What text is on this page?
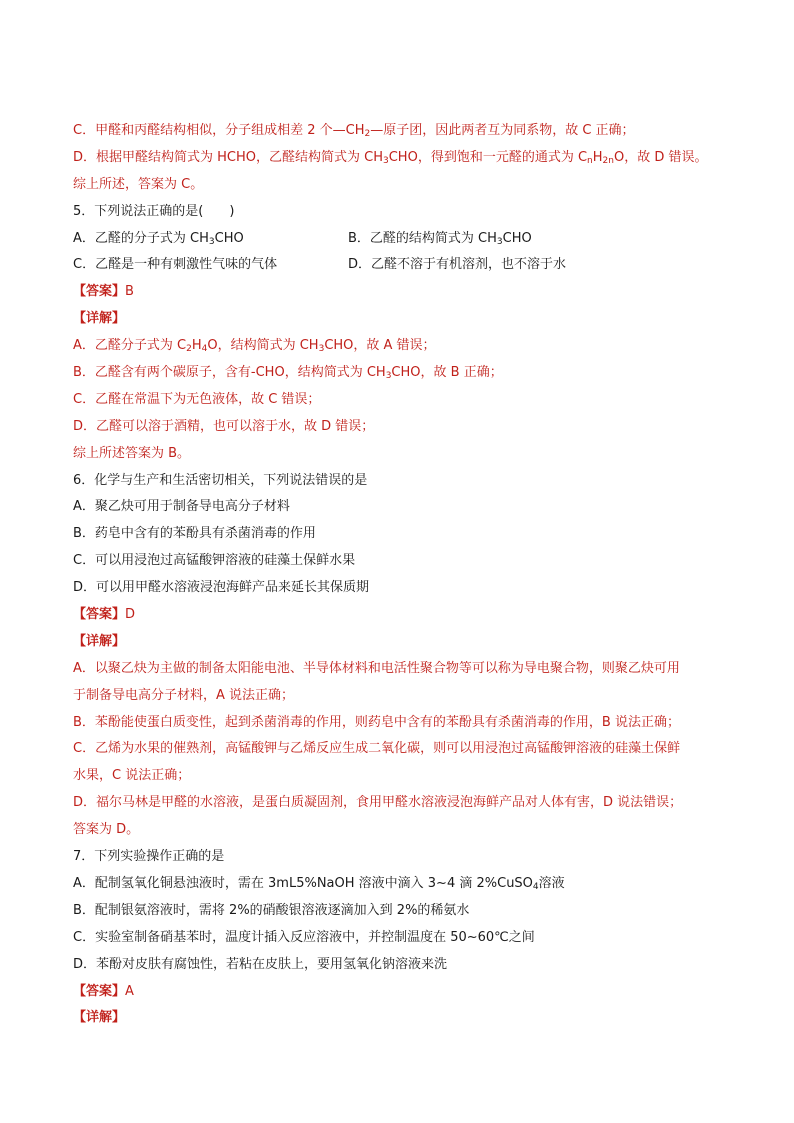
C．甲醛和丙醛结构相似，分子组成相差 2 个$—CH_2—$原子团，因此两者互为同系物，故 C 正确；
D．根据甲醛结构简式为 HCHO，乙醛结构简式为 $CH_3CHO$，得到饱和一元醛的通式为 $C_nH_{2n}O$，故 D 错误。
综上所述，答案为 C。
5．下列说法正确的是(　　)
A．乙醛的分子式为 $CH_3CHO$	B．乙醛的结构简式为 $CH_3CHO$
C．乙醛是一种有刺激性气味的气体	D．乙醛不溶于有机溶剂，也不溶于水
【答案】B
【详解】
A．乙醛分子式为 $C_2H_4O$，结构简式为 $CH_3CHO$，故 A 错误；
B．乙醛含有两个碳原子，含有-CHO，结构简式为 $CH_3CHO$，故 B 正确；
C．乙醛在常温下为无色液体，故 C 错误；
D．乙醛可以溶于酒精，也可以溶于水，故 D 错误；
综上所述答案为 B。
6．化学与生产和生活密切相关，下列说法错误的是
A．聚乙炔可用于制备导电高分子材料
B．药皂中含有的苯酚具有杀菌消毒的作用
C．可以用浸泡过高锰酸钾溶液的硅藻土保鲜水果
D．可以用甲醛水溶液浸泡海鲜产品来延长其保质期
【答案】D
【详解】
A．以聚乙炔为主做的制备太阳能电池、半导体材料和电活性聚合物等可以称为导电聚合物，则聚乙炔可用
于制备导电高分子材料，A 说法正确；
B．苯酚能使蛋白质变性，起到杀菌消毒的作用，则药皂中含有的苯酚具有杀菌消毒的作用，B 说法正确；
C．乙烯为水果的催熟剂，高锰酸钾与乙烯反应生成二氧化碳，则可以用浸泡过高锰酸钾溶液的硅藻土保鲜
水果，C 说法正确；
D．福尔马林是甲醛的水溶液，是蛋白质凝固剂，食用甲醛水溶液浸泡海鲜产品对人体有害，D 说法错误；
答案为 D。
7．下列实验操作正确的是
A．配制氢氧化铜悬浊液时，需在 3mL5%NaOH 溶液中滴入 3~4 滴 2%CuSO$_4$溶液
B．配制银氨溶液时，需将 2%的硝酸银溶液逐滴加入到 2%的稀氨水
C．实验室制备硝基苯时，温度计插入反应溶液中，并控制温度在 50~60℃之间
D．苯酚对皮肤有腐蚀性，若粘在皮肤上，要用氢氧化钠溶液来洗
【答案】A
【详解】
